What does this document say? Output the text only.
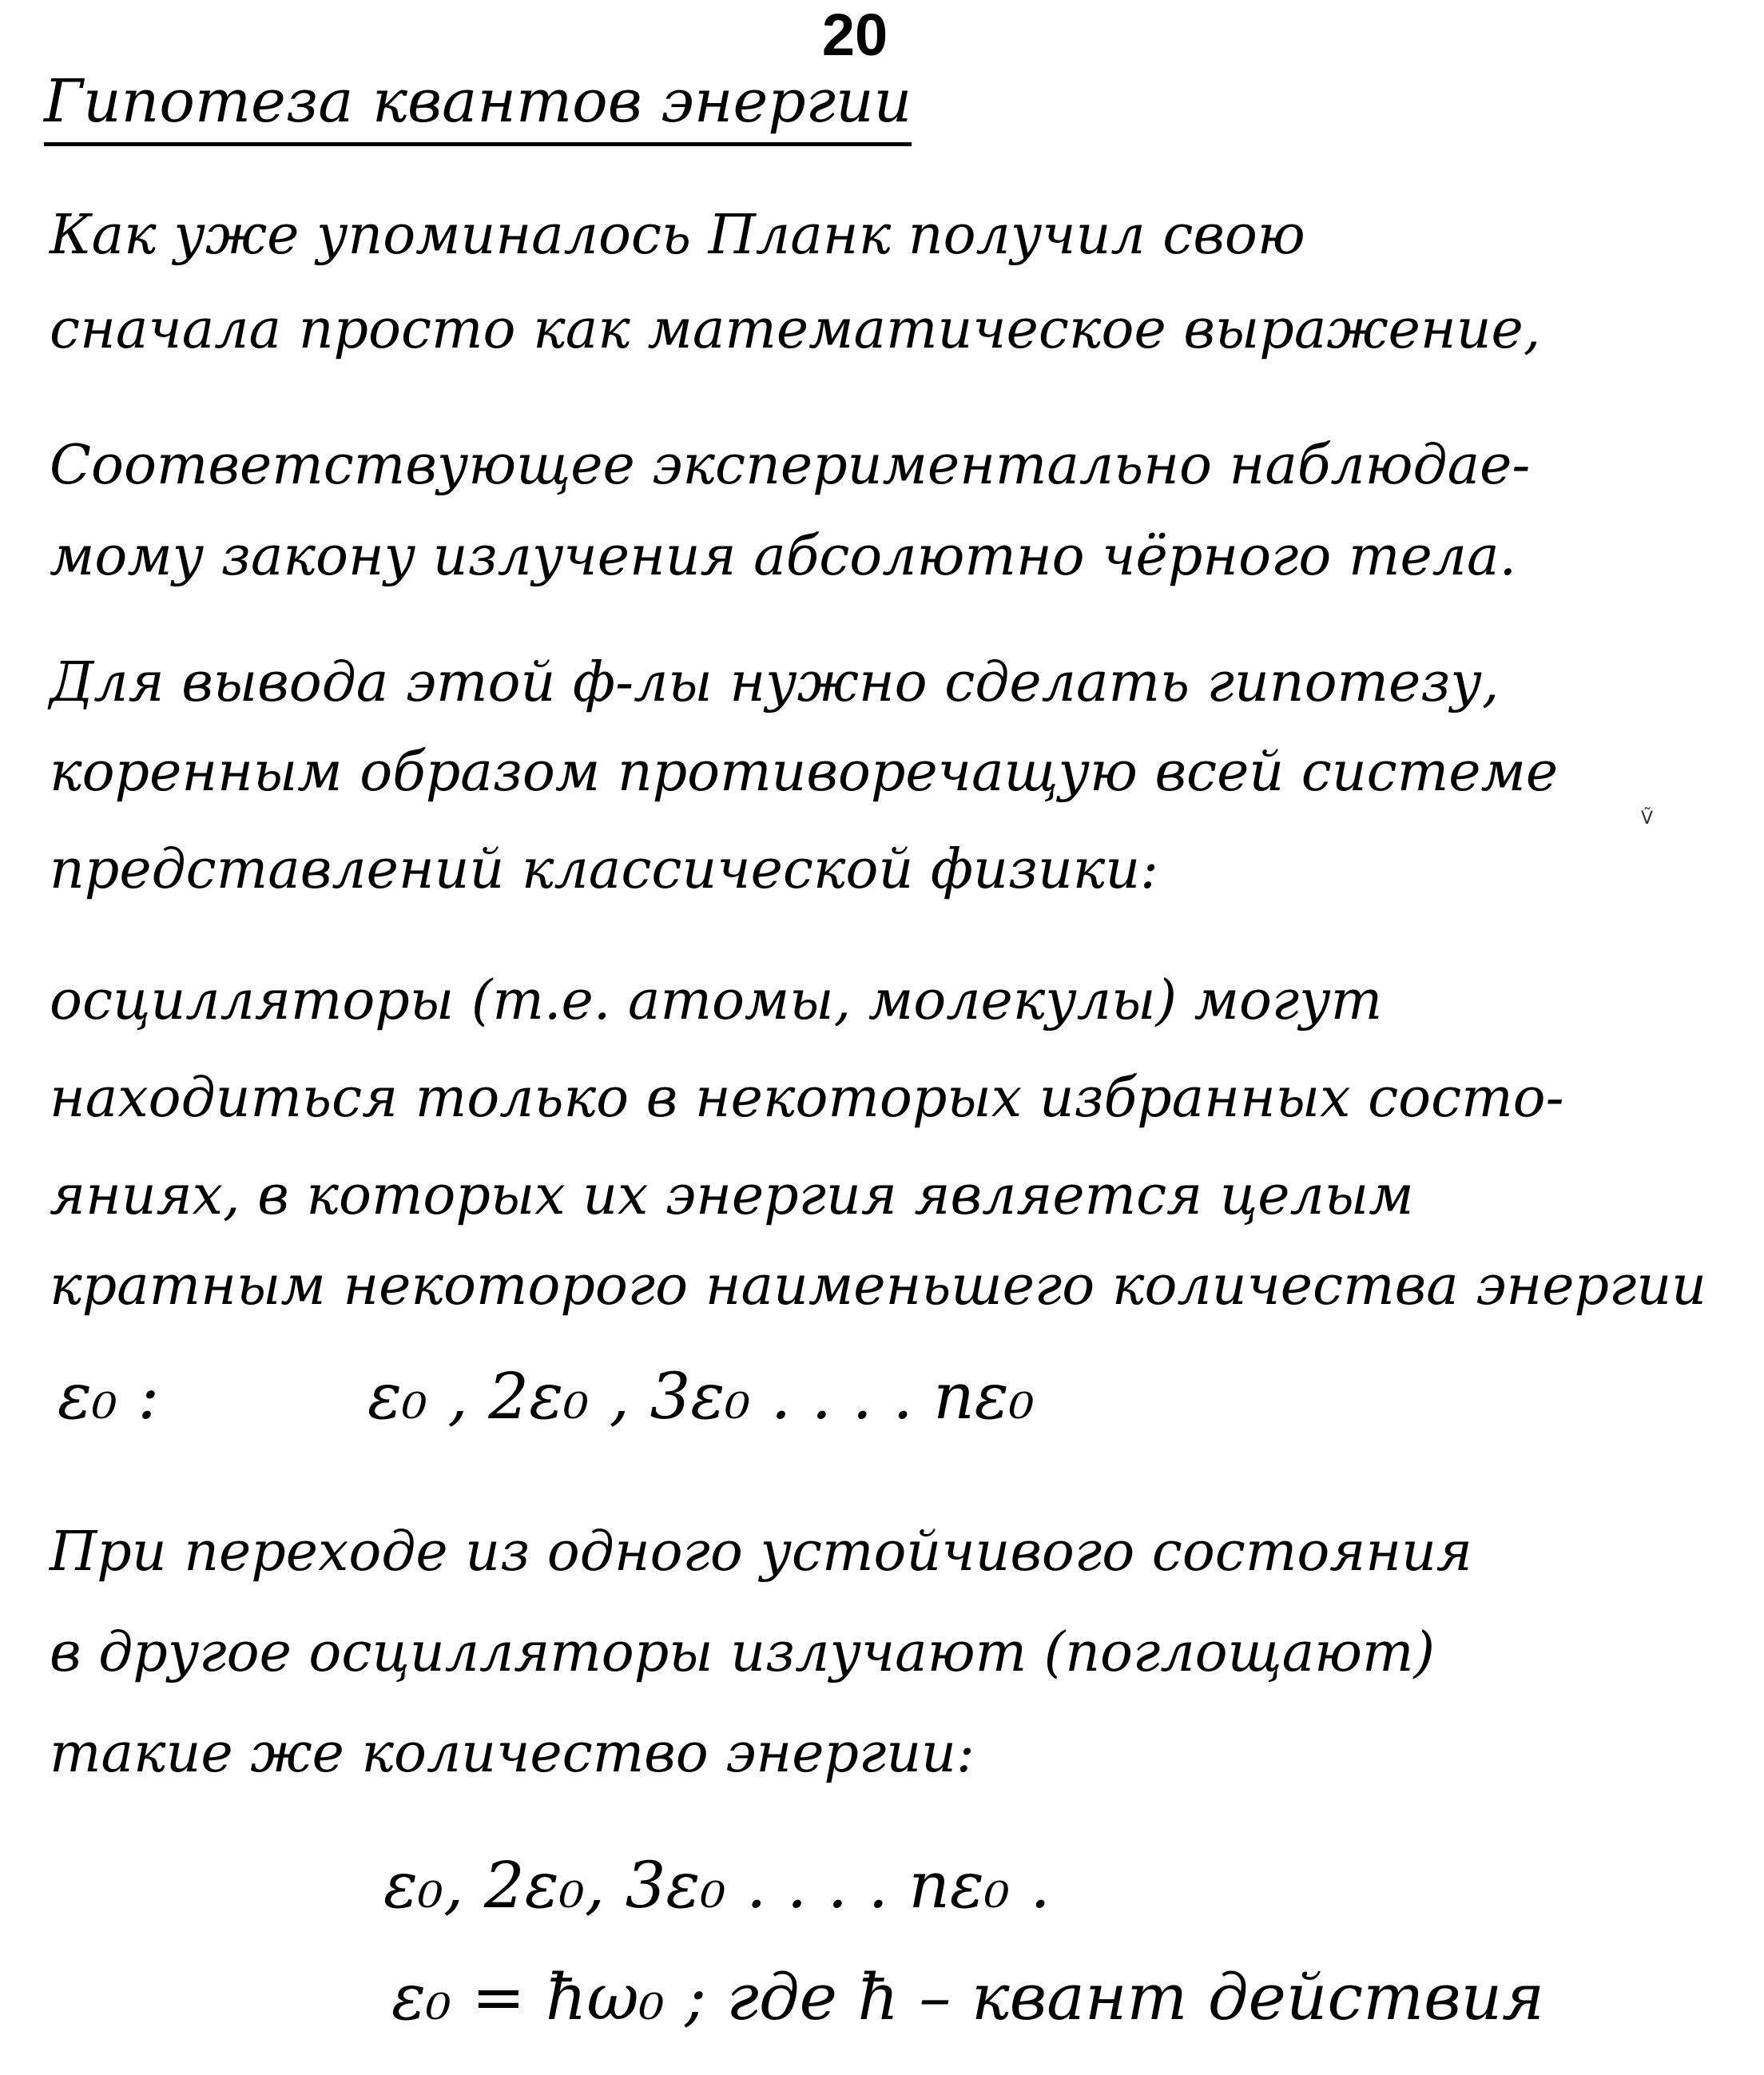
20
Гипотеза квантов энергии
Как уже упоминалось Планк получил свою
сначала просто как математическое выражение,
Соответствующее экспериментально наблюдае-
мому закону излучения абсолютно чёрного тела.
Для вывода этой ф-лы нужно сделать гипотезу,
коренным образом противоречащую всей системе
представлений классической физики:
осцилляторы (т.е. атомы, молекулы) могут
находиться только в некоторых избранных состо-
яниях, в которых их энергия является целым
кратным некоторого наименьшего количества энергии
ε₀ :	ε₀ , 2ε₀ , 3ε₀ . . . . nε₀
При переходе из одного устойчивого состояния
в другое осцилляторы излучают (поглощают)
такие же количество энергии:
ε₀, 2ε₀, 3ε₀ . . . . nε₀ .
ε₀ = ħω₀ ; где ħ – квант действия
Ṽ
